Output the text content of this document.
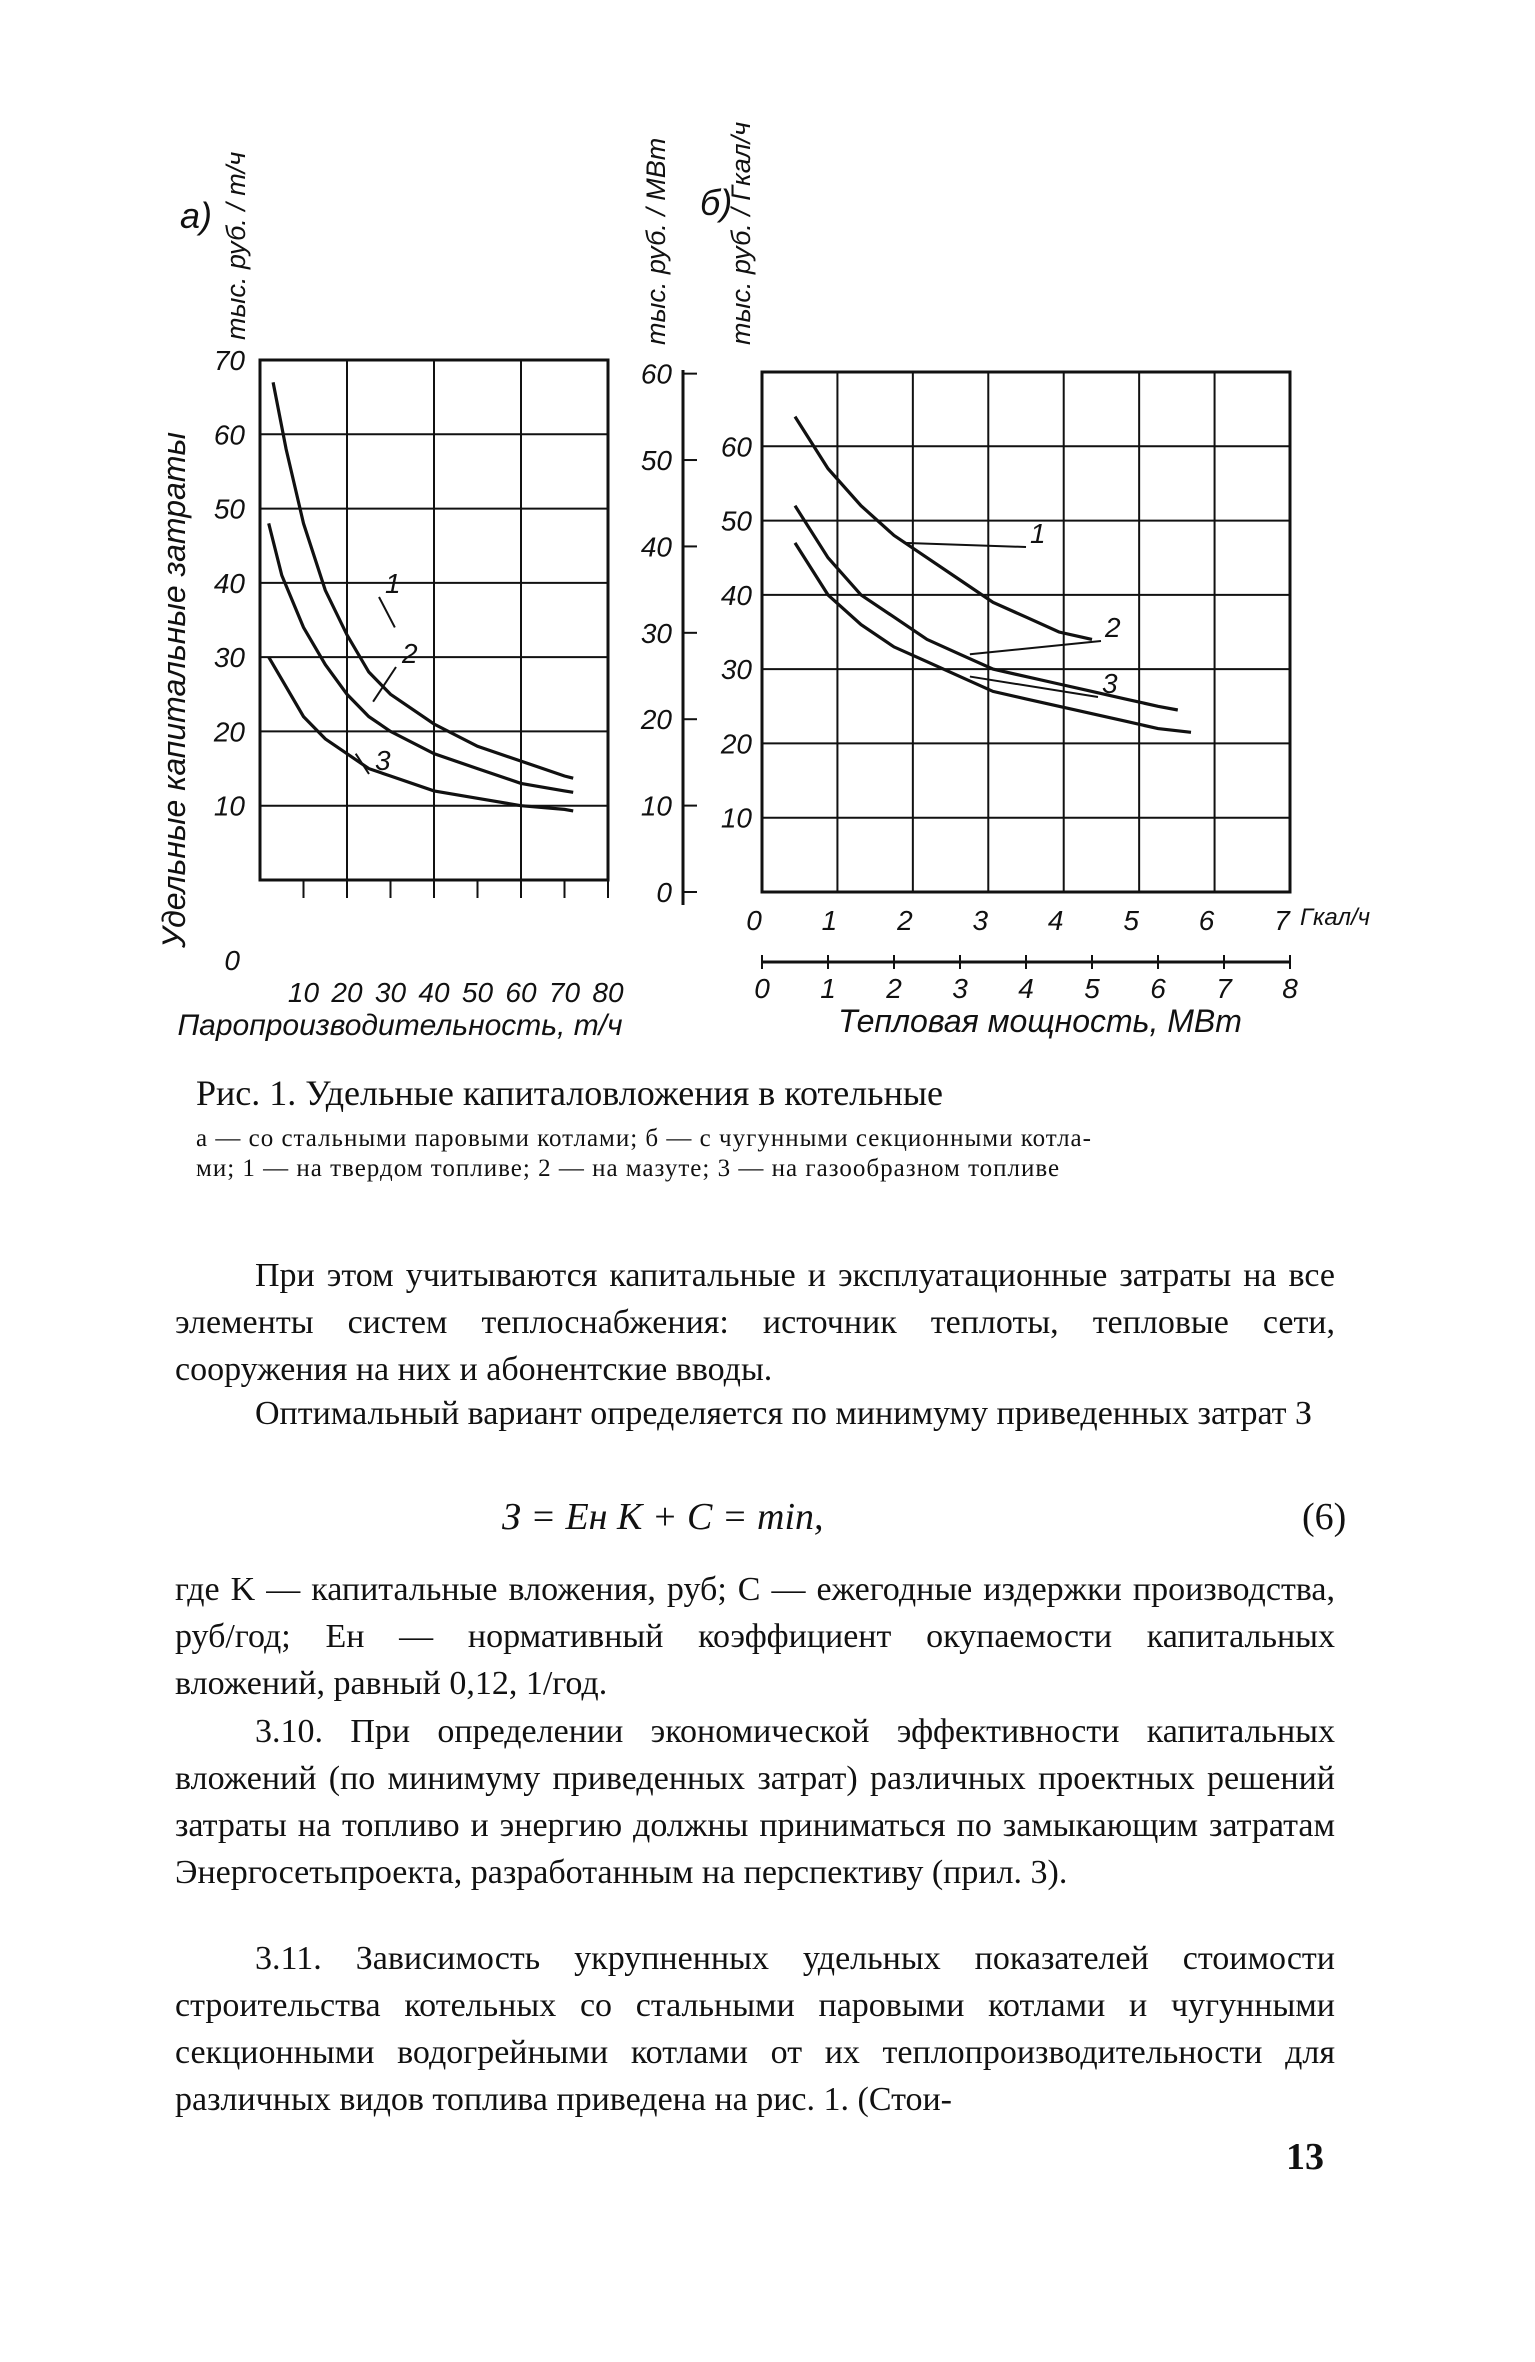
а) тыс. руб. / т/ч
Удельные капитальные затраты
0
10
20
30
40
50
60
70
10 20 30 40 50 60 70 80
1
2
3
Паропроизводительность, т/ч
б)
тыс. руб. / МВт тыс. руб. / Гкал/ч
0
10
20
30
40
50
60
10
20
30
40
50
60
0 1 2 3 4 5 6 7 Гкал/ч
0 1 2 3 4 5 6 7 8
1
2
3
Тепловая мощность, МВт

Рис. 1. Удельные капиталовложения в котельные

а — со стальными паровыми котлами; б — с чугунными секционными котла-
ми; 1 — на твердом топливе; 2 — на мазуте; 3 — на газообразном топливе

При этом учитываются капитальные и эксплуатационные затраты на все элементы систем теплоснабжения: источник теплоты, тепловые сети, сооружения на них и абонентские вводы.

Оптимальный вариант определяется по минимуму приведенных затрат З

З = Eн K + C = min,	(6)

где K — капитальные вложения, руб; C — ежегодные издержки производства, руб/год; Eн — нормативный коэффициент окупаемости капитальных вложений, равный 0,12, 1/год.

3.10. При определении экономической эффективности капитальных вложений (по минимуму приведенных затрат) различных проектных решений затраты на топливо и энергию должны приниматься по замыкающим затратам Энергосетьпроекта, разработанным на перспективу (прил. 3).

3.11. Зависимость укрупненных удельных показателей стоимости строительства котельных со стальными паровыми котлами и чугунными секционными водогрейными котлами от их теплопроизводительности для различных видов топлива приведена на рис. 1. (Стои-

13
